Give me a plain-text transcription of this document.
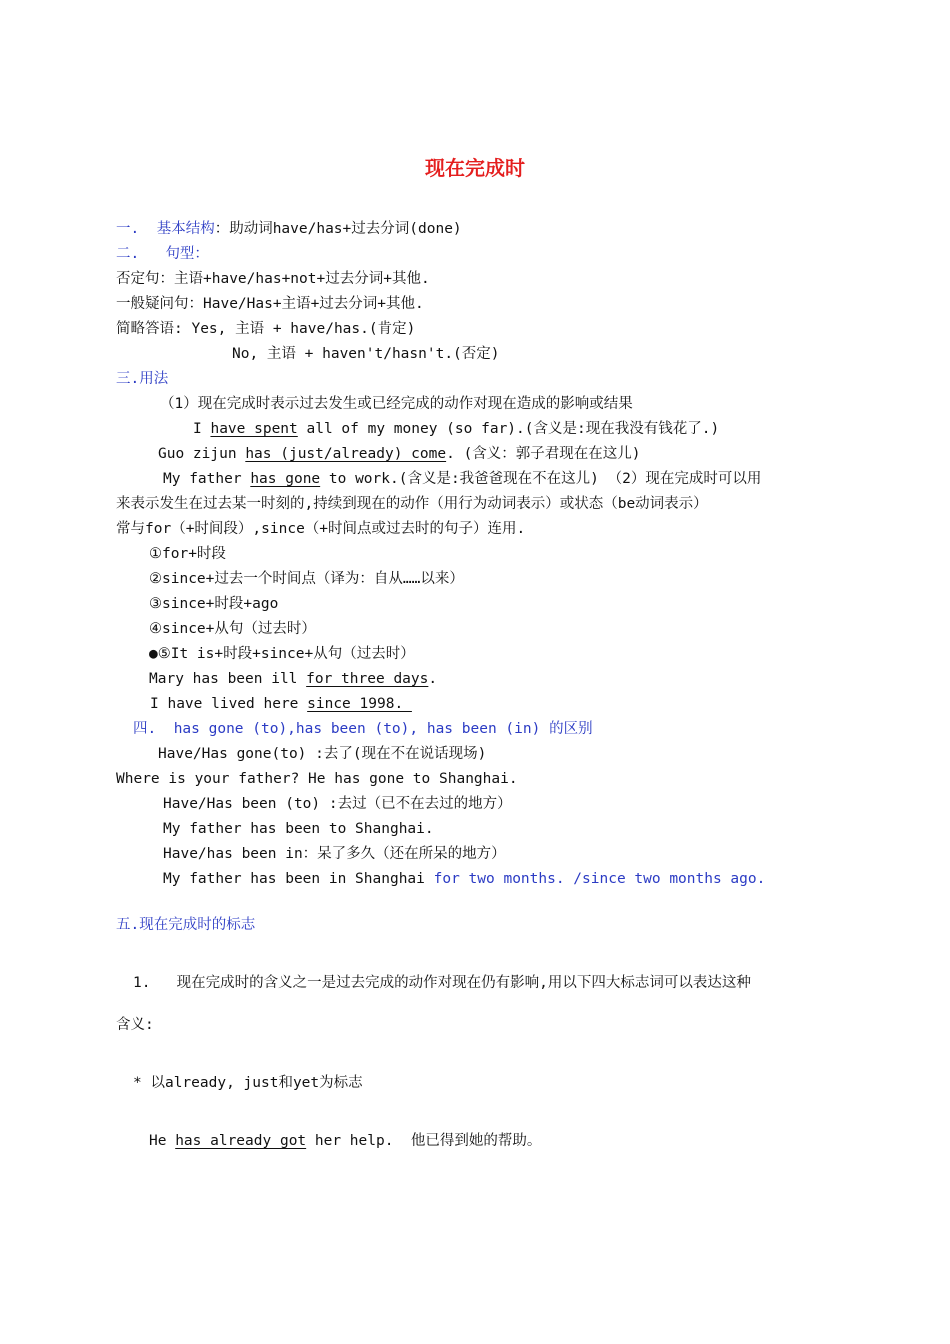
现在完成时
一. 基本结构：助动词have/has+过去分词(done)
二. 句型：
否定句：主语+have/has+not+过去分词+其他.
一般疑问句：Have/Has+主语+过去分词+其他.
简略答语: Yes, 主语 + have/has.(肯定)
No, 主语 + haven't/hasn't.(否定)
三.用法
（1）现在完成时表示过去发生或已经完成的动作对现在造成的影响或结果
I have spent all of my money (so far).(含义是:现在我没有钱花了.)
Guo zijun has (just/already) come. (含义：郭子君现在在这儿)
My father has gone to work.(含义是:我爸爸现在不在这儿) （2）现在完成时可以用
来表示发生在过去某一时刻的,持续到现在的动作（用行为动词表示）或状态（be动词表示）
常与for（+时间段）,since（+时间点或过去时的句子）连用.
①for+时段
②since+过去一个时间点（译为：自从……以来）
③since+时段+ago
④since+从句（过去时）
●⑤It is+时段+since+从句（过去时）
Mary has been ill for three days.
I have lived here since 1998.
四.  has gone (to),has been (to), has been (in) 的区别
Have/Has gone(to) :去了(现在不在说话现场)
Where is your father? He has gone to Shanghai.
Have/Has been (to) :去过（已不在去过的地方）
My father has been to Shanghai.
Have/has been in：呆了多久（还在所呆的地方）
My father has been in Shanghai for two months. /since two months ago.
五.现在完成时的标志
1.   现在完成时的含义之一是过去完成的动作对现在仍有影响,用以下四大标志词可以表达这种
含义:
* 以already, just和yet为标志
He has already got her help.  他已得到她的帮助。
